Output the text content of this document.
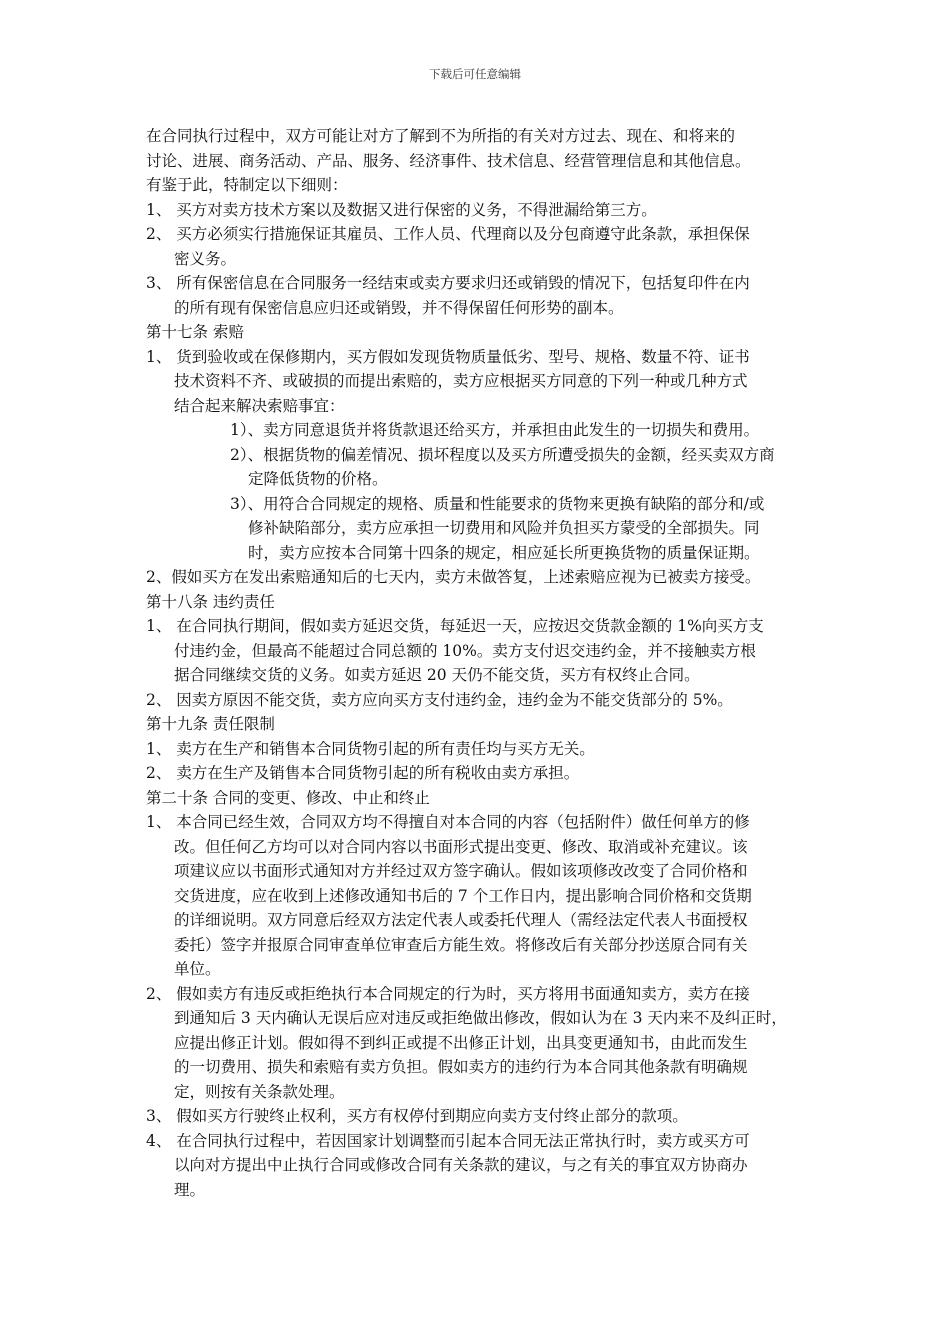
下载后可任意编辑
在合同执行过程中，双方可能让对方了解到不为所指的有关对方过去、现在、和将来的
讨论、进展、商务活动、产品、服务、经济事件、技术信息、经营管理信息和其他信息。
有鉴于此，特制定以下细则：
1、 买方对卖方技术方案以及数据又进行保密的义务，不得泄漏给第三方。
2、 买方必须实行措施保证其雇员、工作人员、代理商以及分包商遵守此条款，承担保保
密义务。
3、 所有保密信息在合同服务一经结束或卖方要求归还或销毁的情况下，包括复印件在内
的所有现有保密信息应归还或销毁，并不得保留任何形势的副本。
第十七条 索赔
1、 货到验收或在保修期内，买方假如发现货物质量低劣、型号、规格、数量不符、证书
技术资料不齐、或破损的而提出索赔的，卖方应根据买方同意的下列一种或几种方式
结合起来解决索赔事宜：
1）、卖方同意退货并将货款退还给买方，并承担由此发生的一切损失和费用。
2）、根据货物的偏差情况、损坏程度以及买方所遭受损失的金额，经买卖双方商
定降低货物的价格。
3）、用符合合同规定的规格、质量和性能要求的货物来更换有缺陷的部分和/或
修补缺陷部分，卖方应承担一切费用和风险并负担买方蒙受的全部损失。同
时，卖方应按本合同第十四条的规定，相应延长所更换货物的质量保证期。
2、假如买方在发出索赔通知后的七天内，卖方未做答复，上述索赔应视为已被卖方接受。
第十八条 违约责任
1、 在合同执行期间，假如卖方延迟交货，每延迟一天，应按迟交货款金额的 1%向买方支
付违约金，但最高不能超过合同总额的 10%。卖方支付迟交违约金，并不接触卖方根
据合同继续交货的义务。如卖方延迟 20 天仍不能交货，买方有权终止合同。
2、 因卖方原因不能交货，卖方应向买方支付违约金，违约金为不能交货部分的 5%。
第十九条 责任限制
1、 卖方在生产和销售本合同货物引起的所有责任均与买方无关。
2、 卖方在生产及销售本合同货物引起的所有税收由卖方承担。
第二十条 合同的变更、修改、中止和终止
1、 本合同已经生效，合同双方均不得擅自对本合同的内容（包括附件）做任何单方的修
改。但任何乙方均可以对合同内容以书面形式提出变更、修改、取消或补充建议。该
项建议应以书面形式通知对方并经过双方签字确认。假如该项修改改变了合同价格和
交货进度，应在收到上述修改通知书后的 7 个工作日内，提出影响合同价格和交货期
的详细说明。双方同意后经双方法定代表人或委托代理人（需经法定代表人书面授权
委托）签字并报原合同审查单位审查后方能生效。将修改后有关部分抄送原合同有关
单位。
2、 假如卖方有违反或拒绝执行本合同规定的行为时，买方将用书面通知卖方，卖方在接
到通知后 3 天内确认无误后应对违反或拒绝做出修改，假如认为在 3 天内来不及纠正时，
应提出修正计划。假如得不到纠正或提不出修正计划，出具变更通知书，由此而发生
的一切费用、损失和索赔有卖方负担。假如卖方的违约行为本合同其他条款有明确规
定，则按有关条款处理。
3、 假如买方行驶终止权利，买方有权停付到期应向卖方支付终止部分的款项。
4、 在合同执行过程中，若因国家计划调整而引起本合同无法正常执行时，卖方或买方可
以向对方提出中止执行合同或修改合同有关条款的建议，与之有关的事宜双方协商办
理。
